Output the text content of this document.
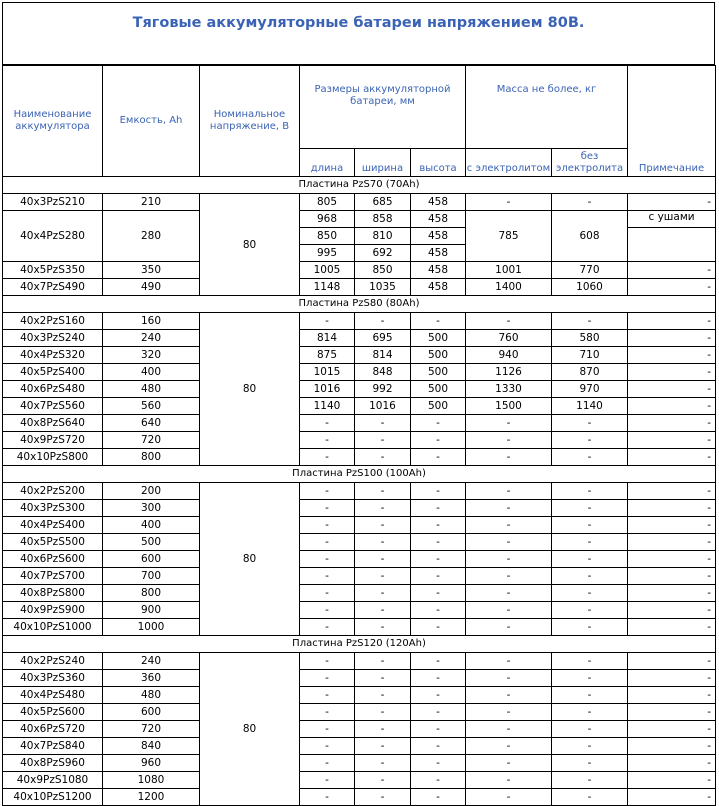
Тяговые аккумуляторные батареи напряжением 80В.
Наименование аккумулятора	Емкость, Ah	Номинальное напряжение, В	Размеры аккумуляторной батареи, мм			Масса не более, кг		
			длина	ширина	высота	с электролитом	без электролита	Примечание
Пластина PzS70 (70Ah)								
40x3PzS210	210	80	805	685	458	-	-	-
40x4PzS280	280		968	858	458	785	608	с ушами
			850	810	458			
			995	692	458			
40x5PzS350	350		1005	850	458	1001	770	-
40x7PzS490	490		1148	1035	458	1400	1060	-
Пластина PzS80 (80Ah)								
40x2PzS160	160	80	-	-	-	-	-	-
40x3PzS240	240		814	695	500	760	580	-
40x4PzS320	320		875	814	500	940	710	-
40x5PzS400	400		1015	848	500	1126	870	-
40x6PzS480	480		1016	992	500	1330	970	-
40x7PzS560	560		1140	1016	500	1500	1140	-
40x8PzS640	640		-	-	-	-	-	-
40x9PzS720	720		-	-	-	-	-	-
40x10PzS800	800		-	-	-	-	-	-
Пластина PzS100 (100Ah)								
40x2PzS200	200	80	-	-	-	-	-	-
40x3PzS300	300		-	-	-	-	-	-
40x4PzS400	400		-	-	-	-	-	-
40x5PzS500	500		-	-	-	-	-	-
40x6PzS600	600		-	-	-	-	-	-
40x7PzS700	700		-	-	-	-	-	-
40x8PzS800	800		-	-	-	-	-	-
40x9PzS900	900		-	-	-	-	-	-
40x10PzS1000	1000		-	-	-	-	-	-
Пластина PzS120 (120Ah)								
40x2PzS240	240	80	-	-	-	-	-	-
40x3PzS360	360		-	-	-	-	-	-
40x4PzS480	480		-	-	-	-	-	-
40x5PzS600	600		-	-	-	-	-	-
40x6PzS720	720		-	-	-	-	-	-
40x7PzS840	840		-	-	-	-	-	-
40x8PzS960	960		-	-	-	-	-	-
40x9PzS1080	1080		-	-	-	-	-	-
40x10PzS1200	1200		-	-	-	-	-	-
